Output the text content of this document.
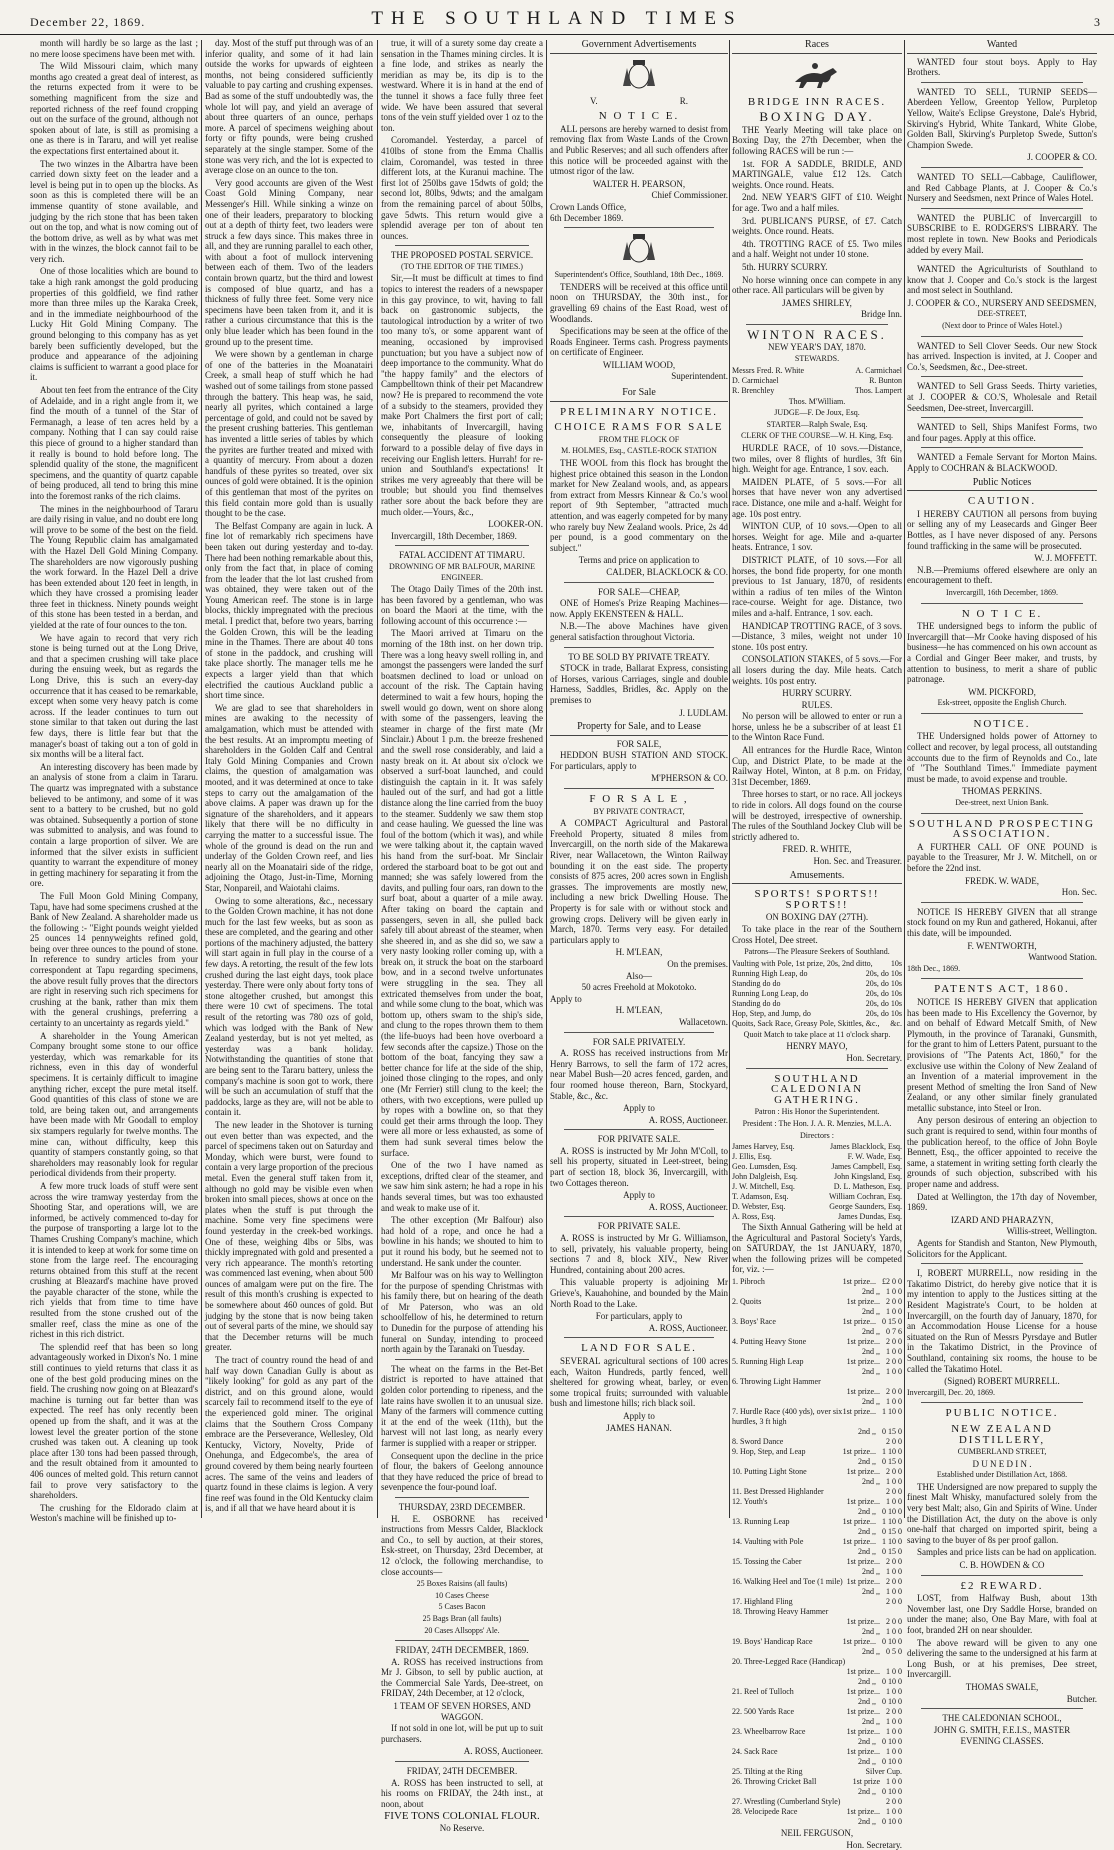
December 22, 1869.	THE SOUTHLAND TIMES	3

month will hardly be so large as the last ; no mere loose specimens have been met with.

The Wild Missouri claim, which many months ago created a great deal of interest, as the returns expected from it were to be something magnificent from the size and reported richness of the reef found cropping out on the surface of the ground, although not spoken about of late, is still as promising a one as there is in Tararu, and will yet realise the expectations first entertained about it.

The two winzes in the Albartra have been carried down sixty feet on the leader and a level is being put in to open up the blocks. As soon as this is completed there will be an immense quantity of stone available, and judging by the rich stone that has been taken out on the top, and what is now coming out of the bottom drive, as well as by what was met with in the winzes, the block cannot fail to be very rich.

One of those localities which are bound to take a high rank amongst the gold producing properties of this goldfield, we find rather more than three miles up the Karaka Creek, and in the immediate neighbourhood of the Lucky Hit Gold Mining Company. The ground belonging to this company has as yet barely been sufficiently developed, but the produce and appearance of the adjoining claims is sufficient to warrant a good place for it.

About ten feet from the entrance of the City of Adelaide, and in a right angle from it, we find the mouth of a tunnel of the Star of Fermanagh, a lease of ten acres held by a company. Nothing that I can say could raise this piece of ground to a higher standard than it really is bound to hold before long. The splendid quality of the stone, the magnificent specimens, and the quantity of quartz capable of being produced, all tend to bring this mine into the foremost ranks of the rich claims.

The mines in the neighbourhood of Tararu are daily rising in value, and no doubt ere long will prove to be some of the best on the field. The Young Republic claim has amalgamated with the Hazel Dell Gold Mining Company. The shareholders are now vigorously pushing the work forward. In the Hazel Dell a drive has been extended about 120 feet in length, in which they have crossed a promising leader three feet in thickness. Ninety pounds weight of this stone has been tested in a berdan, and yielded at the rate of four ounces to the ton.

We have again to record that very rich stone is being turned out at the Long Drive, and that a specimen crushing will take place during the ensuing week, but as regards the Long Drive, this is such an every-day occurrence that it has ceased to be remarkable, except when some very heavy patch is come across. If the leader continues to turn out stone similar to that taken out during the last few days, there is little fear but that the manager's boast of taking out a ton of gold in six months will be a literal fact.

An interesting discovery has been made by an analysis of stone from a claim in Tararu. The quartz was impregnated with a substance believed to be antimony, and some of it was sent to a battery to be crushed, but no gold was obtained. Subsequently a portion of stone was submitted to analysis, and was found to contain a large proportion of silver. We are informed that the silver exists in sufficient quantity to warrant the expenditure of money in getting machinery for separating it from the ore.

The Full Moon Gold Mining Company, Tapu, have had some specimens crushed at the Bank of New Zealand. A shareholder made us the following :- "Eight pounds weight yielded 25 ounces 14 pennyweights refined gold, being over three ounces to the pound of stone. In reference to sundry articles from your correspondent at Tapu regarding specimens, the above result fully proves that the directors are right in reserving such rich specimens for crushing at the bank, rather than mix them with the general crushings, preferring a certainty to an uncertainty as regards yield."

A shareholder in the Young American Company brought some stone to our office yesterday, which was remarkable for its richness, even in this day of wonderful specimens. It is certainly difficult to imagine anything richer, except the pure metal itself. Good quantities of this class of stone we are told, are being taken out, and arrangements have been made with Mr Goodall to employ six stampers regularly for twelve months. The mine can, without difficulty, keep this quantity of stampers constantly going, so that shareholders may reasonably look for regular periodical dividends from their property.

A few more truck loads of stuff were sent across the wire tramway yesterday from the Shooting Star, and operations will, we are informed, be actively commenced to-day for the purpose of transporting a large lot to the Thames Crushing Company's machine, which it is intended to keep at work for some time on stone from the large reef. The encouraging returns obtained from this stuff at the recent crushing at Bleazard's machine have proved the payable character of the stone, while the rich yields that from time to time have resulted from the stone crushed out of the smaller reef, class the mine as one of the richest in this rich district.

The splendid reef that has been so long advantageously worked in Dixon's No. 1 mine still continues to yield returns that class it as one of the best gold producing mines on the field. The crushing now going on at Bleazard's machine is turning out far better than was expected. The reef has only recently been opened up from the shaft, and it was at the lowest level the greater portion of the stone crushed was taken out. A cleaning up took place after 130 tons had been passed through, and the result obtained from it amounted to 406 ounces of melted gold. This return cannot fail to prove very satisfactory to the shareholders.

The crushing for the Eldorado claim at Weston's machine will be finished up to-

day. Most of the stuff put through was of an inferior quality, and some of it had lain outside the works for upwards of eighteen months, not being considered sufficiently valuable to pay carting and crushing expenses. Bad as some of the stuff undoubtedly was, the whole lot will pay, and yield an average of about three quarters of an ounce, perhaps more. A parcel of specimens weighing about forty or fifty pounds, were being crushed separately at the single stamper. Some of the stone was very rich, and the lot is expected to average close on an ounce to the ton.

Very good accounts are given of the West Coast Gold Mining Company, near Messenger's Hill. While sinking a winze on one of their leaders, preparatory to blocking out at a depth of thirty feet, two leaders were struck a few days since. This makes three in all, and they are running parallel to each other, with about a foot of mullock intervening between each of them. Two of the leaders contain brown quartz, but the third and lowest is composed of blue quartz, and has a thickness of fully three feet. Some very nice specimens have been taken from it, and it is rather a curious circumstance that this is the only blue leader which has been found in the ground up to the present time.

We were shown by a gentleman in charge of one of the batteries in the Moanatairi Creek, a small heap of stuff which he had washed out of some tailings from stone passed through the battery. This heap was, he said, nearly all pyrites, which contained a large percentage of gold, and could not be saved by the present crushing batteries. This gentleman has invented a little series of tables by which the pyrites are further treated and mixed with a quantity of mercury. From about a dozen handfuls of these pyrites so treated, over six ounces of gold were obtained. It is the opinion of this gentleman that most of the pyrites on this field contain more gold than is usually thought to be the case.

The Belfast Company are again in luck. A fine lot of remarkably rich specimens have been taken out during yesterday and to-day. There had been nothing remarkable about this, only from the fact that, in place of coming from the leader that the lot last crushed from was obtained, they were taken out of the Young American reef. The stone is in large blocks, thickly impregnated with the precious metal. I predict that, before two years, barring the Golden Crown, this will be the leading mine in the Thames. There are about 40 tons of stone in the paddock, and crushing will take place shortly. The manager tells me he expects a larger yield than that which electrified the cautious Auckland public a short time since.

We are glad to see that shareholders in mines are awaking to the necessity of amalgamation, which must be attended with the best results. At an impromptu meeting of shareholders in the Golden Calf and Central Italy Gold Mining Companies and Crown claims, the question of amalgamation was mooted, and it was determined at once to take steps to carry out the amalgamation of the above claims. A paper was drawn up for the signature of the shareholders, and it appears likely that there will be no difficulty in carrying the matter to a successful issue. The whole of the ground is dead on the run and underlay of the Golden Crown reef, and lies nearly all on the Moanatairi side of the ridge, adjoining the Otago, Just-in-Time, Morning Star, Nonpareil, and Waiotahi claims.

Owing to some alterations, &c., necessary to the Golden Crown machine, it has not done much for the last few weeks, but as soon as these are completed, and the gearing and other portions of the machinery adjusted, the battery will start again in full play in the course of a few days. A retorting, the result of the few lots crushed during the last eight days, took place yesterday. There were only about forty tons of stone altogether crushed, but amongst this there were 10 cwt of specimens. The total result of the retorting was 780 ozs of gold, which was lodged with the Bank of New Zealand yesterday, but is not yet melted, as yesterday was a bank holiday. Notwithstanding the quantities of stone that are being sent to the Tararu battery, unless the company's machine is soon got to work, there will be such an accumulation of stuff that the paddocks, large as they are, will not be able to contain it.

The new leader in the Shotover is turning out even better than was expected, and the parcel of specimens taken out on Saturday and Monday, which were burst, were found to contain a very large proportion of the precious metal. Even the general stuff taken from it, although no gold may be visible even when broken into small pieces, shows at once on the plates when the stuff is put through the machine. Some very fine specimens were found yesterday in the creek-bed workings. One of these, weighing 4lbs or 5lbs, was thickly impregnated with gold and presented a very rich appearance. The month's retorting was commenced last evening, when about 500 ounces of amalgam were put on the fire. The result of this month's crushing is expected to be somewhere about 460 ounces of gold. But judging by the stone that is now being taken out of several parts of the mine, we should say that the December returns will be much greater.

The tract of country round the head of and half way down Canadian Gully is about as "likely looking" for gold as any part of the district, and on this ground alone, would scarcely fail to recommend itself to the eye of the experienced gold miner. The original claims that the Southern Cross Company embrace are the Perseverance, Wellesley, Old Kentucky, Victory, Novelty, Pride of Onehunga, and Edgecombe's, the area of ground covered by them being nearly fourteen acres. The same of the veins and leaders of quartz found in these claims is legion. A very fine reef was found in the Old Kentucky claim is, and if all that we have heard about it is

true, it will of a surety some day create a sensation in the Thames mining circles. It is a fine lode, and strikes as nearly the meridian as may be, its dip is to the westward. Where it is in hand at the end of the tunnel it shows a face fully three feet wide. We have been assured that several tons of the vein stuff yielded over 1 oz to the ton.

Coromandel. Yesterday, a parcel of 410lbs of stone from the Emma Challis claim, Coromandel, was tested in three different lots, at the Kuranui machine. The first lot of 250lbs gave 15dwts of gold; the second lot, 80lbs, 9dwts; and the amalgam from the remaining parcel of about 50lbs, gave 5dwts. This return would give a splendid average per ton of about ten ounces.

THE PROPOSED POSTAL SERVICE.
(TO THE EDITOR OF THE TIMES.)

Sir,—It must be difficult at times to find topics to interest the readers of a newspaper in this gay province, to wit, having to fall back on gastronomic subjects, the tautological introduction by a writer of two too many to's, or some apparent want of meaning, occasioned by improvised punctuation; but you have a subject now of deep importance to the community. What do "the happy family" and the electors of Campbelltown think of their pet Macandrew now? He is prepared to recommend the vote of a subsidy to the steamers, provided they make Port Chalmers the first port of call; we, inhabitants of Invercargill, having consequently the pleasure of looking forward to a possible delay of five days in receiving our English letters. Hurrah! for re-union and Southland's expectations! It strikes me very agreeably that there will be trouble; but should you find themselves rather sore about the back before they are much older.—Yours, &c.,

LOOKER-ON.

Invercargill, 18th December, 1869.

FATAL ACCIDENT AT TIMARU.
DROWNING OF MR BALFOUR, MARINE ENGINEER.

The Otago Daily Times of the 20th inst. has been favored by a gentleman, who was on board the Maori at the time, with the following account of this occurrence :—

The Maori arrived at Timaru on the morning of the 18th inst. on her down trip. There was a long heavy swell rolling in, and amongst the passengers were landed the surf boatsmen declined to load or unload on account of the risk. The Captain having determined to wait a few hours, hoping the swell would go down, went on shore along with some of the passengers, leaving the steamer in charge of the first mate (Mr Sinclair.) About 1 p.m. the breeze freshened and the swell rose considerably, and laid a nasty break on it. At about six o'clock we observed a surf-boat launched, and could distinguish the captain in it. It was safely hauled out of the surf, and had got a little distance along the line carried from the buoy to the steamer. Suddenly we saw them stop and cease hauling. We guessed the line was foul of the bottom (which it was), and while we were talking about it, the captain waved his hand from the surf-boat. Mr Sinclair ordered the starboard boat to be got out and manned; she was safely lowered from the davits, and pulling four oars, ran down to the surf boat, about a quarter of a mile away. After taking on board the captain and passengers, seven in all, she pulled back safely till about abreast of the steamer, when she sheered in, and as she did so, we saw a very nasty looking roller coming up, with a break on, it struck the boat on the starboard bow, and in a second twelve unfortunates were struggling in the sea. They all extricated themselves from under the boat, and while some clung to the boat, which was bottom up, others swam to the ship's side, and clung to the ropes thrown them to them (the life-buoys had been hove overboard a few seconds after the capsize.) Those on the bottom of the boat, fancying they saw a better chance for life at the side of the ship, joined those clinging to the ropes, and only one (Mr Ferrier) still clung to the keel; the others, with two exceptions, were pulled up by ropes with a bowline on, so that they could get their arms through the loop. They were all more or less exhausted, as some of them had sunk several times below the surface.

One of the two I have named as exceptions, drifted clear of the steamer, and we saw him sink astern; he had a rope in his hands several times, but was too exhausted and weak to make use of it.

The other exception (Mr Balfour) also had hold of a rope, and once he had a bowline in his hands; we shouted to him to put it round his body, but he seemed not to understand. He sank under the counter.

Mr Balfour was on his way to Wellington for the purpose of spending Christmas with his family there, but on hearing of the death of Mr Paterson, who was an old schoolfellow of his, he determined to return to Dunedin for the purpose of attending his funeral on Sunday, intending to proceed north again by the Taranaki on Tuesday.

The wheat on the farms in the Bet-Bet district is reported to have attained that golden color portending to ripeness, and the late rains have swollen it to an unusual size. Many of the farmers will commence cutting it at the end of the week (11th), but the harvest will not last long, as nearly every farmer is supplied with a reaper or stripper.

Consequent upon the decline in the price of flour, the bakers of Geelong announce that they have reduced the price of bread to sevenpence the four-pound loaf.

THURSDAY, 23RD DECEMBER.

H. E. OSBORNE has received instructions from Messrs Calder, Blacklock and Co., to sell by auction, at their stores, Esk-street, on Thursday, 23rd December, at 12 o'clock, the following merchandise, to close accounts—

25 Boxes Raisins (all faults)
10 Cases Cheese
5 Cases Bacon
25 Bags Bran (all faults)
20 Cases Allsopps' Ale.
FRIDAY, 24TH DECEMBER, 1869.

A. ROSS has received instructions from Mr J. Gibson, to sell by public auction, at the Commercial Sale Yards, Dee-street, on FRIDAY, 24th December, at 12 o'clock,

1 TEAM OF SEVEN HORSES, AND WAGGON.

If not sold in one lot, will be put up to suit purchasers.

A. ROSS, Auctioneer.
FRIDAY, 24TH DECEMBER.

A. ROSS has been instructed to sell, at his rooms on FRIDAY, the 24th inst., at noon, about

FIVE TONS COLONIAL FLOUR.
No Reserve.
Government Advertisements
V.	R.
N O T I C E.

ALL persons are hereby warned to desist from removing flax from Waste Lands of the Crown and Public Reserves; and all such offenders after this notice will be proceeded against with the utmost rigor of the law.

WALTER H. PEARSON,
Chief Commissioner.
Crown Lands Office,
6th December 1869.
Superintendent's Office, Southland, 18th Dec., 1869.

TENDERS will be received at this office until noon on THURSDAY, the 30th inst., for gravelling 69 chains of the East Road, west of Woodlands.

Specifications may be seen at the office of the Roads Engineer. Terms cash. Progress payments on certificate of Engineer.

WILLIAM WOOD,
Superintendent.
For Sale
PRELIMINARY NOTICE.
CHOICE RAMS FOR SALE
FROM THE FLOCK OF
M. HOLMES, Esq., CASTLE-ROCK STATION

THE WOOL from this flock has brought the highest price obtained this season in the London market for New Zealand wools, and, as appears from extract from Messrs Kinnear & Co.'s wool report of 9th September, "attracted much attention, and was eagerly competed for by many who rarely buy New Zealand wools. Price, 2s 4d per pound, is a good commentary on the subject."

Terms and price on application to
CALDER, BLACKLOCK & CO.
FOR SALE—CHEAP,

ONE of Homes's Prize Reaping Machines—now. Apply EKENSTEEN & HALL.

N.B.—The above Machines have given general satisfaction throughout Victoria.

TO BE SOLD BY PRIVATE TREATY.

STOCK in trade, Ballarat Express, consisting of Horses, various Carriages, single and double Harness, Saddles, Bridles, &c. Apply on the premises to

J. LUDLAM.
Property for Sale, and to Lease
FOR SALE,

HEDDON BUSH STATION AND STOCK. For particulars, apply to

M'PHERSON & CO.
F O R S A L E ,
BY PRIVATE CONTRACT,

A COMPACT Agricultural and Pastoral Freehold Property, situated 8 miles from Invercargill, on the north side of the Makarewa River, near Wallacetown, the Winton Railway bounding it on the east side. The property consists of 875 acres, 200 acres sown in English grasses. The improvements are mostly new, including a new brick Dwelling House. The Property is for sale with or without stock and growing crops. Delivery will be given early in March, 1870. Terms very easy. For detailed particulars apply to

H. M'LEAN,
On the premises.
Also—
50 acres Freehold at Mokotoko.
Apply to
H. M'LEAN,
Wallacetown.
FOR SALE PRIVATELY.

A. ROSS has received instructions from Mr Henry Barrows, to sell the farm of 172 acres, near Mabel Bush—20 acres fenced, garden, and four roomed house thereon, Barn, Stockyard, Stable, &c., &c.

Apply to
A. ROSS, Auctioneer.
FOR PRIVATE SALE.

A. ROSS is instructed by Mr John M'Coll, to sell his property, situated in Leet-street, being part of section 18, block 36, Invercargill, with two Cottages thereon.

Apply to
A. ROSS, Auctioneer.
FOR PRIVATE SALE.

A. ROSS is instructed by Mr G. Williamson, to sell, privately, his valuable property, being sections 7 and 8, block XIV., New River Hundred, containing about 200 acres.

This valuable property is adjoining Mr Grieve's, Kauahohine, and bounded by the Main North Road to the Lake.

For particulars, apply to
A. ROSS, Auctioneer.
LAND FOR SALE.

SEVERAL agricultural sections of 100 acres each, Waiton Hundreds, partly fenced, well sheltered for growing wheat, barley, or even some tropical fruits; surrounded with valuable bush and limestone hills; rich black soil.

Apply to
JAMES HANAN.
Races
BRIDGE INN RACES.
BOXING DAY.

THE Yearly Meeting will take place on Boxing Day, the 27th December, when the following RACES will be run :—

1st. FOR A SADDLE, BRIDLE, AND MARTINGALE, value £12 12s. Catch weights. Once round. Heats.

2nd. NEW YEAR'S GIFT of £10. Weight for age. Two and a half miles.

3rd. PUBLICAN'S PURSE, of £7. Catch weights. Once round. Heats.

4th. TROTTING RACE of £5. Two miles and a half. Weight not under 10 stone.

5th. HURRY SCURRY.

No horse winning once can compete in any other race. All particulars will be given by

JAMES SHIRLEY,
Bridge Inn.
WINTON RACES.
NEW YEAR'S DAY, 1870.
STEWARDS.
Messrs Fred. R. White	A. Carmichael
D. Carmichael	R. Bunton
R. Brenchley	Thos. Lampert
Thos. M'William.
JUDGE—F. De Joux, Esq.
STARTER—Ralph Swale, Esq.
CLERK OF THE COURSE—W. H. King, Esq.

HURDLE RACE, of 10 sovs.—Distance, two miles, over 8 flights of hurdles, 3ft 6in high. Weight for age. Entrance, 1 sov. each.

MAIDEN PLATE, of 5 sovs.—For all horses that have never won any advertised race. Distance, one mile and a-half. Weight for age. 10s post entry.

WINTON CUP, of 10 sovs.—Open to all horses. Weight for age. Mile and a-quarter heats. Entrance, 1 sov.

DISTRICT PLATE, of 10 sovs.—For all horses, the bond fide property, for one month previous to 1st January, 1870, of residents within a radius of ten miles of the Winton race-course. Weight for age. Distance, two miles and a-half. Entrance, 1 sov. each.

HANDICAP TROTTING RACE, of 3 sovs.—Distance, 3 miles, weight not under 10 stone. 10s post entry.

CONSOLATION STAKES, of 5 sovs.—For all losers during the day. Mile heats. Catch weights. 10s post entry.

HURRY SCURRY.
RULES.

No person will be allowed to enter or run a horse, unless he be a subscriber of at least £1 to the Winton Race Fund.

All entrances for the Hurdle Race, Winton Cup, and District Plate, to be made at the Railway Hotel, Winton, at 8 p.m. on Friday, 31st December, 1869.

Three horses to start, or no race. All jockeys to ride in colors. All dogs found on the course will be destroyed, irrespective of ownership. The rules of the Southland Jockey Club will be strictly adhered to.

FRED. R. WHITE,
Hon. Sec. and Treasurer.
Amusements.
SPORTS! SPORTS!! SPORTS!!
ON BOXING DAY (27TH).

To take place in the rear of the Southern Cross Hotel, Dee street.

Patrons—The Pleasure Seekers of Southland.
Vaulting with Pole, 1st prize, 20s, 2nd ditto, 10s
Running High Leap, do	20s, do 10s
Standing do do	20s, do 10s
Running Long Leap, do	20s, do 10s
Standing do do	20s, do 10s
Hop, Step, and Jump, do	20s, do 10s
Quoits, Sack Race, Greasy Pole, Skittles, &c., &c.
Quoit Match to take place at 11 o'clock sharp.
HENRY MAYO,
Hon. Secretary.
SOUTHLAND CALEDONIAN GATHERING.
Patron : His Honor the Superintendent.
President : The Hon. J. A. R. Menzies, M.L.A.
Directors :
James Harvey, Esq.	James Blacklock, Esq.
J. Ellis, Esq.	F. W. Wade, Esq.
Geo. Lumsden, Esq.	James Campbell, Esq.
John Dalgleish, Esq.	John Kingsland, Esq.
J. W. Mitchell, Esq.	D. L. Matheson, Esq.
T. Adamson, Esq.	William Cochran, Esq.
D. Webster, Esq.	George Saunders, Esq.
A. Ross, Esq.	James Dundas, Esq.

The Sixth Annual Gathering will be held at the Agricultural and Pastoral Society's Yards, on SATURDAY, the 1st JANUARY, 1870, when the following prizes will be competed for, viz. :—

1. Pibroch	1st prize... £2 0 0
2nd ,, 1 0 0
2. Quoits	1st prize... 2 0 0
2nd ,, 1 0 0
3. Boys' Race	1st prize... 0 15 0
2nd ,, 0 7 6
4. Putting Heavy Stone	1st prize... 2 0 0
2nd ,, 1 0 0
5. Running High Leap	1st prize... 2 0 0
2nd ,, 1 0 0
6. Throwing Light Hammer
1st prize... 2 0 0
2nd ,, 1 0 0
7. Hurdle Race (400 yds), over six hurdles, 3 ft high
1st prize... 1 10 0
2nd ,, 0 15 0
8. Sword Dance	2 0 0
9. Hop, Step, and Leap	1st prize... 1 10 0
2nd ,, 0 15 0
10. Putting Light Stone	1st prize... 2 0 0
2nd ,, 1 0 0
11. Best Dressed Highlander	2 0 0
12. Youth's	1st prize... 1 0 0
2nd ,, 0 10 0
13. Running Leap	1st prize... 1 10 0
2nd ,, 0 15 0
14. Vaulting with Pole	1st prize... 1 10 0
2nd ,, 0 15 0
15. Tossing the Caber	1st prize... 2 0 0
2nd ,, 1 0 0
16. Walking Heel and Toe (1 mile) 1st prize... 2 0 0
2nd ,, 1 0 0
17. Highland Fling	2 0 0
18. Throwing Heavy Hammer
1st prize... 2 0 0
2nd ,, 1 0 0
19. Boys' Handicap Race	1st prize... 0 10 0
2nd ,, 0 5 0
20. Three-Legged Race (Handicap)
1st prize... 1 0 0
2nd ,, 0 10 0
21. Reel of Tulloch	1st prize... 1 0 0
2nd ,, 0 10 0
22. 500 Yards Race	1st prize... 2 0 0
2nd ,, 1 0 0
23. Wheelbarrow Race	1st prize... 1 0 0
2nd ,, 0 10 0
24. Sack Race	1st prize... 1 0 0
2nd ,, 0 10 0
25. Tilting at the Ring	Silver Cup.
26. Throwing Cricket Ball	1st prize 1 0 0
2nd ,, 0 10 0
27. Wrestling (Cumberland Style)	2 0 0
28. Velocipede Race	1st prize... 1 0 0
2nd ,, 0 10 0
NEIL FERGUSON,
Hon. Secretary.
Wanted

WANTED four stout boys. Apply to Hay Brothers.

WANTED TO SELL, TURNIP SEEDS—Aberdeen Yellow, Greentop Yellow, Purpletop Yellow, Waite's Eclipse Greystone, Dale's Hybrid, Skirving's Hybrid, White Tankard, White Globe, Golden Ball, Skirving's Purpletop Swede, Sutton's Champion Swede.

J. COOPER & CO.

WANTED TO SELL—Cabbage, Cauliflower, and Red Cabbage Plants, at J. Cooper & Co.'s Nursery and Seedsmen, next Prince of Wales Hotel.

WANTED the PUBLIC of Invercargill to SUBSCRIBE to E. RODGERS'S LIBRARY. The most replete in town. New Books and Periodicals added by every Mail.

WANTED the Agriculturists of Southland to know that J. Cooper and Co.'s stock is the largest and most select in Southland.

J. COOPER & CO., NURSERY AND SEEDSMEN,
DEE-STREET,
(Next door to Prince of Wales Hotel.)

WANTED to Sell Clover Seeds. Our new Stock has arrived. Inspection is invited, at J. Cooper and Co.'s, Seedsmen, &c., Dee-street.

WANTED to Sell Grass Seeds. Thirty varieties, at J. COOPER & CO.'S, Wholesale and Retail Seedsmen, Dee-street, Invercargill.

WANTED to Sell, Ships Manifest Forms, two and four pages. Apply at this office.

WANTED a Female Servant for Morton Mains. Apply to COCHRAN & BLACKWOOD.

Public Notices
CAUTION.

I HEREBY CAUTION all persons from buying or selling any of my Leasecards and Ginger Beer Bottles, as I have never disposed of any. Persons found trafficking in the same will be prosecuted.

W. J. MOFFETT.

N.B.—Premiums offered elsewhere are only an encouragement to theft.

Invercargill, 16th December, 1869.
N O T I C E.

THE undersigned begs to inform the public of Invercargill that—Mr Cooke having disposed of his business—he has commenced on his own account as a Cordial and Ginger Beer maker, and trusts, by attention to business, to merit a share of public patronage.

WM. PICKFORD,
Esk-street, opposite the English Church.
NOTICE.

THE Undersigned holds power of Attorney to collect and recover, by legal process, all outstanding accounts due to the firm of Reynolds and Co., late of "The Southland Times." Immediate payment must be made, to avoid expense and trouble.

THOMAS PERKINS.
Dee-street, next Union Bank.
SOUTHLAND PROSPECTING ASSOCIATION.

A FURTHER CALL OF ONE POUND is payable to the Treasurer, Mr J. W. Mitchell, on or before the 22nd inst.

FREDK. W. WADE,
Hon. Sec.

NOTICE IS HEREBY GIVEN that all strange stock found on my Run and gathered, Hokanui, after this date, will be impounded.

F. WENTWORTH,
Wantwood Station.
18th Dec., 1869.
PATENTS ACT, 1860.

NOTICE IS HEREBY GIVEN that application has been made to His Excellency the Governor, by and on behalf of Edward Metcalf Smith, of New Plymouth, in the province of Taranaki, Gunsmith, for the grant to him of Letters Patent, pursuant to the provisions of "The Patents Act, 1860," for the exclusive use within the Colony of New Zealand of an Invention of a material improvement in the present Method of smelting the Iron Sand of New Zealand, or any other similar finely granulated metallic substance, into Steel or Iron.

Any person desirous of entering an objection to such grant is required to send, within four months of the publication hereof, to the office of John Boyle Bennett, Esq., the officer appointed to receive the same, a statement in writing setting forth clearly the grounds of such objection, subscribed with his proper name and address.

Dated at Wellington, the 17th day of November, 1869.

IZARD AND PHARAZYN,
Willis-street, Wellington.

Agents for Standish and Stanton, New Plymouth, Solicitors for the Applicant.

I, ROBERT MURRELL, now residing in the Takatimo District, do hereby give notice that it is my intention to apply to the Justices sitting at the Resident Magistrate's Court, to be holden at Invercargill, on the fourth day of January, 1870, for an Accommodation House License for a house situated on the Run of Messrs Pyrsdaye and Butler in the Takatimo District, in the Province of Southland, containing six rooms, the house to be called the Takatimo Hotel.

(Signed) ROBERT MURRELL.
Invercargill, Dec. 20, 1869.
PUBLIC NOTICE.
NEW ZEALAND DISTILLERY,
CUMBERLAND STREET,
D U N E D I N .
Established under Distillation Act, 1868.

THE Undersigned are now prepared to supply the finest Malt Whisky, manufactured solely from the very best Malt; also, Gin and Spirits of Wine. Under the Distillation Act, the duty on the above is only one-half that charged on imported spirit, being a saving to the buyer of 8s per proof gallon.

Samples and price lists can be had on application.

C. B. HOWDEN & CO
£2 REWARD.

LOST, from Halfway Bush, about 13th November last, one Dry Saddle Horse, branded on under the mane; also, One Bay Mare, with foal at foot, branded 2H on near shoulder.

The above reward will be given to any one delivering the same to the undersigned at his farm at Long Bush, or at his premises, Dee street, Invercargill.

THOMAS SWALE,
Butcher.
THE CALEDONIAN SCHOOL,
JOHN G. SMITH, F.E.I.S., MASTER
EVENING CLASSES.
